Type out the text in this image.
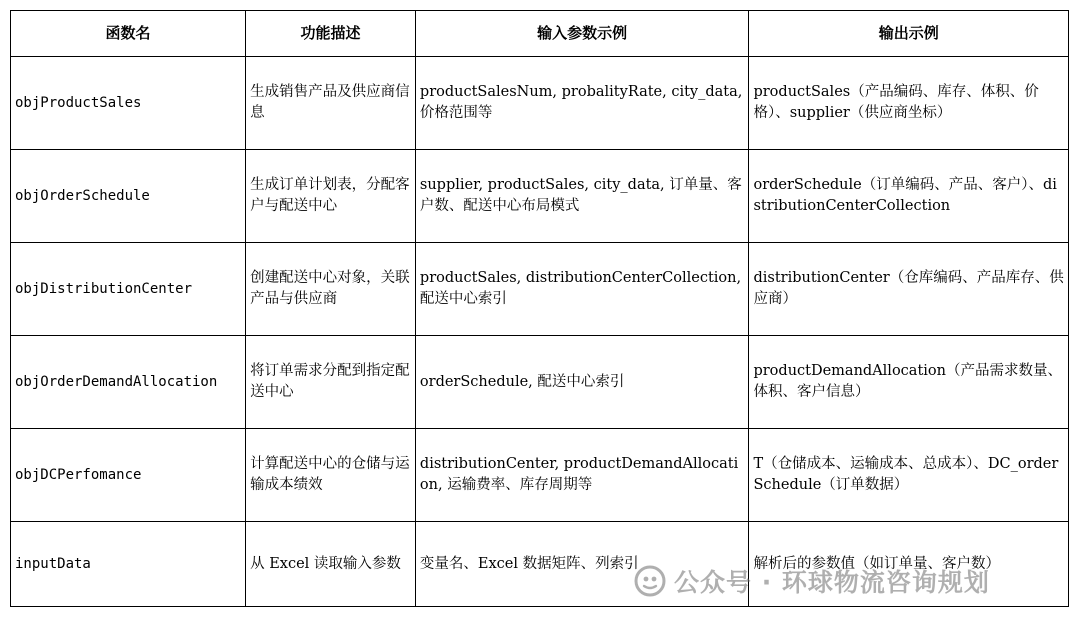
函数名	功能描述	输入参数示例	输出示例
objProductSales	生成销售产品及供应商信息	productSalesNum, probalityRate, city_data, 价格范围等	productSales（产品编码、库存、体积、价格）、supplier（供应商坐标）
objOrderSchedule	生成订单计划表，分配客户与配送中心	supplier, productSales, city_data, 订单量、客户数、配送中心布局模式	orderSchedule（订单编码、产品、客户）、distributionCenterCollection
objDistributionCenter	创建配送中心对象，关联产品与供应商	productSales, distributionCenterCollection, 配送中心索引	distributionCenter（仓库编码、产品库存、供应商）
objOrderDemandAllocation	将订单需求分配到指定配送中心	orderSchedule, 配送中心索引	productDemandAllocation（产品需求数量、体积、客户信息）
objDCPerfomance	计算配送中心的仓储与运输成本绩效	distributionCenter, productDemandAllocation, 运输费率、库存周期等	T（仓储成本、运输成本、总成本）、DC_orderSchedule（订单数据）
inputData	从 Excel 读取输入参数	变量名、Excel 数据矩阵、列索引	解析后的参数值（如订单量、客户数）
公众号 · 环球物流咨询规划
